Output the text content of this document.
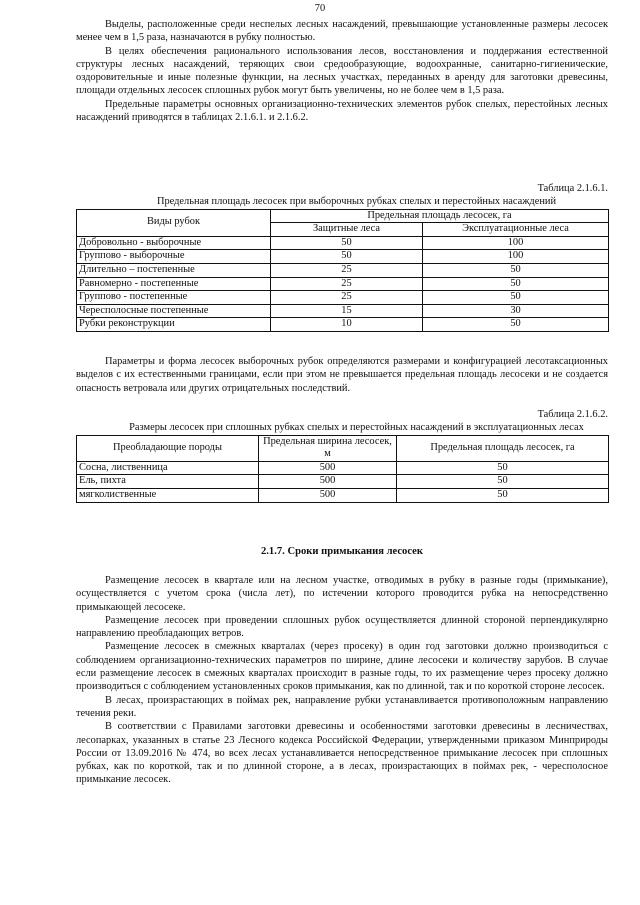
70

Выделы, расположенные среди неспелых лесных насаждений, превышающие установленные размеры лесосек менее чем в 1,5 раза, назначаются в рубку полностью.

В целях обеспечения рационального использования лесов, восстановления и поддержания естественной структуры лесных насаждений, теряющих свои средообразующие, водоохранные, санитарно-гигиенические, оздоровительные и иные полезные функции, на лесных участках, переданных в аренду для заготовки древесины, площади отдельных лесосек сплошных рубок могут быть увеличены, но не более чем в 1,5 раза.

Предельные параметры основных организационно-технических элементов рубок спелых, перестойных лесных насаждений приводятся в таблицах 2.1.6.1. и 2.1.6.2.

Таблица 2.1.6.1.

Предельная площадь лесосек при выборочных рубках спелых и перестойных насаждений

Виды рубок	Предельная площадь лесосек, га	
	Защитные леса	Эксплуатационные леса
Добровольно - выборочные	50	100
Группово - выборочные	50	100
Длительно – постепенные	25	50
Равномерно - постепенные	25	50
Группово - постепенные	25	50
Чересполосные постепенные	15	30
Рубки реконструкции	10	50

Параметры и форма лесосек выборочных рубок определяются размерами и конфигурацией лесотаксационных выделов с их естественными границами, если при этом не превышается предельная площадь лесосеки и не создается опасность ветровала или других отрицательных последствий.

Таблица 2.1.6.2.

Размеры лесосек при сплошных рубках спелых и перестойных насаждений в эксплуатационных лесах

Преобладающие породы	Предельная ширина лесосек, м	Предельная площадь лесосек, га
Сосна, лиственница	500	50
Ель, пихта	500	50
мягколиственные	500	50
2.1.7. Сроки примыкания лесосек

Размещение лесосек в квартале или на лесном участке, отводимых в рубку в разные годы (примыкание), осуществляется с учетом срока (числа лет), по истечении которого проводится рубка на непосредственно примыкающей лесосеке.

Размещение лесосек при проведении сплошных рубок осуществляется длинной стороной перпендикулярно направлению преобладающих ветров.

Размещение лесосек в смежных кварталах (через просеку) в один год заготовки должно производиться с соблюдением организационно-технических параметров по ширине, длине лесосеки и количеству зарубов. В случае если размещение лесосек в смежных кварталах происходит в разные годы, то их размещение через просеку должно производиться с соблюдением установленных сроков примыкания, как по длинной, так и по короткой стороне лесосек.

В лесах, произрастающих в поймах рек, направление рубки устанавливается противоположным направлению течения реки.

В соответствии с Правилами заготовки древесины и особенностями заготовки древесины в лесничествах, лесопарках, указанных в статье 23 Лесного кодекса Российской Федерации, утвержденными приказом Минприроды России от 13.09.2016 № 474, во всех лесах устанавливается непосредственное примыкание лесосек при сплошных рубках, как по короткой, так и по длинной стороне, а в лесах, произрастающих в поймах рек, - чересполосное примыкание лесосек.
